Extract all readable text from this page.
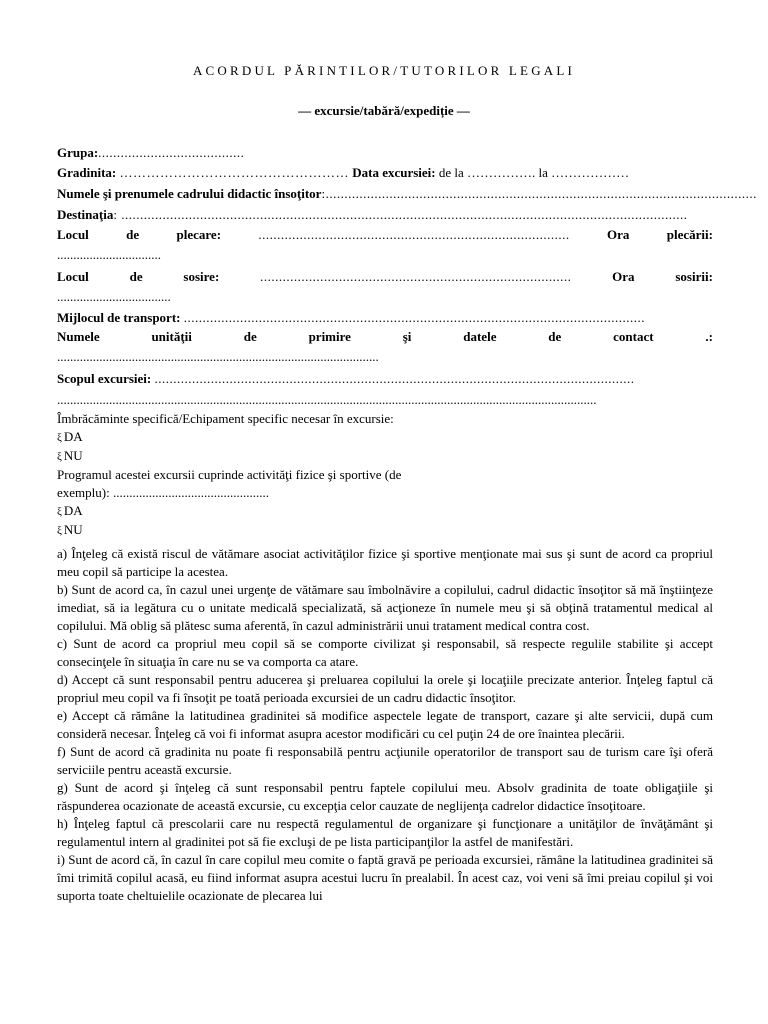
ACORDUL PĂRINTILOR/TUTORILOR LEGALI
— excursie/tabără/expediție —
Grupa:.......................................
Gradinita: …………………………………………… Data excursiei: de la ……………. la ………………
Numele şi prenumele cadrului didactic însoţitor:...................................................................................................................
Destinaţia: .......................................................................................................................................................
Locul	de	plecare:	...................................................................................	Ora	plecării:
................................
Locul	de	sosire:	...................................................................................	Ora	sosirii:
...................................
Mijlocul de transport: ...........................................................................................................................
Numele	unităţii	de	primire	şi	datele	de	contact	.:
...................................................................................................
Scopul excursiei: ................................................................................................................................
......................................................................................................................................................................
Îmbrăcăminte specifică/Echipament specific necesar în excursie:
ξ DA
ξ NU
Programul acestei excursii cuprinde activităţi fizice şi sportive (de
exemplu): ................................................
ξ DA
ξ NU
a) Înţeleg că există riscul de vătămare asociat activităţilor fizice şi sportive menţionate mai sus şi sunt de acord ca propriul meu copil să participe la acestea.
b) Sunt de acord ca, în cazul unei urgenţe de vătămare sau îmbolnăvire a copilului, cadrul didactic însoţitor să mă înştiinţeze imediat, să ia legătura cu o unitate medicală specializată, să acţioneze în numele meu şi să obţină tratamentul medical al copilului. Mă oblig să plătesc suma aferentă, în cazul administrării unui tratament medical contra cost.
c) Sunt de acord ca propriul meu copil să se comporte civilizat şi responsabil, să respecte regulile stabilite şi accept consecinţele în situaţia în care nu se va comporta ca atare.
d) Accept că sunt responsabil pentru aducerea şi preluarea copilului la orele şi locaţiile precizate anterior. Înţeleg faptul că propriul meu copil va fi însoţit pe toată perioada excursiei de un cadru didactic însoţitor.
e) Accept că rămâne la latitudinea gradinitei să modifice aspectele legate de transport, cazare şi alte servicii, după cum consideră necesar. Înţeleg că voi fi informat asupra acestor modificări cu cel puţin 24 de ore înaintea plecării.
f) Sunt de acord că gradinita nu poate fi responsabilă pentru acţiunile operatorilor de transport sau de turism care îşi oferă serviciile pentru această excursie.
g) Sunt de acord şi înţeleg că sunt responsabil pentru faptele copilului meu. Absolv gradinita de toate obligaţiile şi răspunderea ocazionate de această excursie, cu excepţia celor cauzate de neglijenţa cadrelor didactice însoţitoare.
h) Înţeleg faptul că prescolarii care nu respectă regulamentul de organizare şi funcţionare a unităţilor de învăţământ şi regulamentul intern al gradinitei pot să fie excluşi de pe lista participanţilor la astfel de manifestări.
i) Sunt de acord că, în cazul în care copilul meu comite o faptă gravă pe perioada excursiei, rămâne la latitudinea gradinitei să îmi trimită copilul acasă, eu fiind informat asupra acestui lucru în prealabil. În acest caz, voi veni să îmi preiau copilul şi voi suporta toate cheltuielile ocazionate de plecarea lui
